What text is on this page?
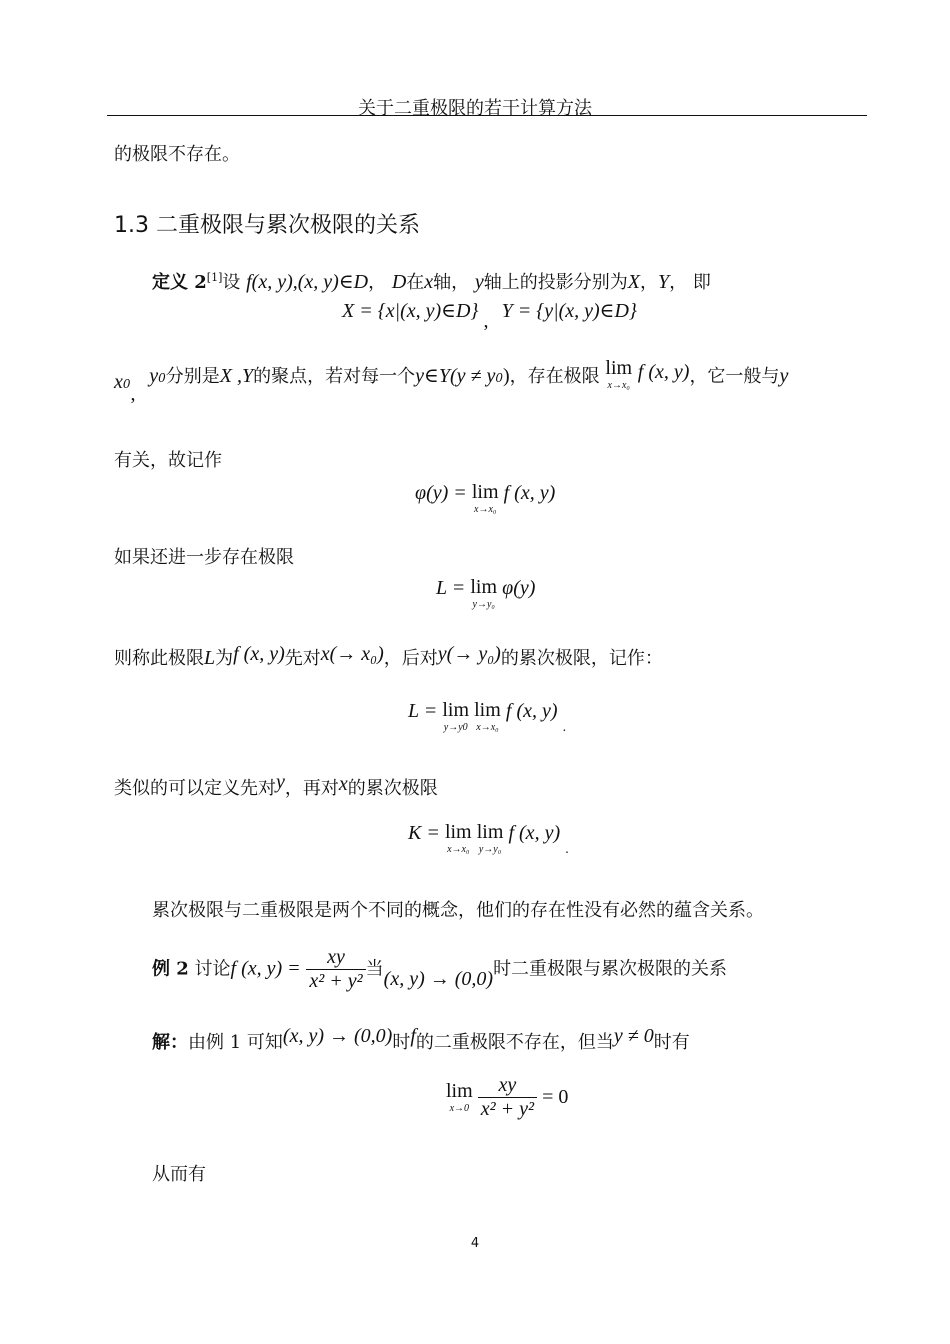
关于二重极限的若干计算方法
的极限不存在。
1.3 二重极限与累次极限的关系
定义 2[1]设 f(x, y),(x, y)∈D， D在x轴， y轴上的投影分别为X，Y， 即
X = {x|(x, y)∈D} , Y = {y|(x, y)∈D}
x0, y0分别是X ,Y的聚点，若对每一个y∈Y(y ≠ y0)，存在极限 lim
x→x₀
f (x, y)，它一般与y
有关，故记作
φ(y) = lim
x→x₀
f (x, y)
如果还进一步存在极限
L = lim
y→y₀
φ(y)
则称此极限L为f (x, y)先对x(→ x₀)，后对y(→ y₀)的累次极限，记作：
L = lim
y→y0

lim
x→x₀
f (x, y) .
类似的可以定义先对y，再对x的累次极限
K = lim
x→x₀

lim
y→y₀
f (x, y) .
累次极限与二重极限是两个不同的概念，他们的存在性没有必然的蕴含关系。
例 2 讨论f (x, $y) = \frac{xy}{\text{x² + y²}}$ 当(x, y) → (0,0)时二重极限与累次极限的关系
解：由例 1 可知(x, y) → (0,0)时f的二重极限不存在，但当y ≠ 0时有
lim
x→0
$\frac{xy}{\text{x² + y²}} = 0$
从而有
4
